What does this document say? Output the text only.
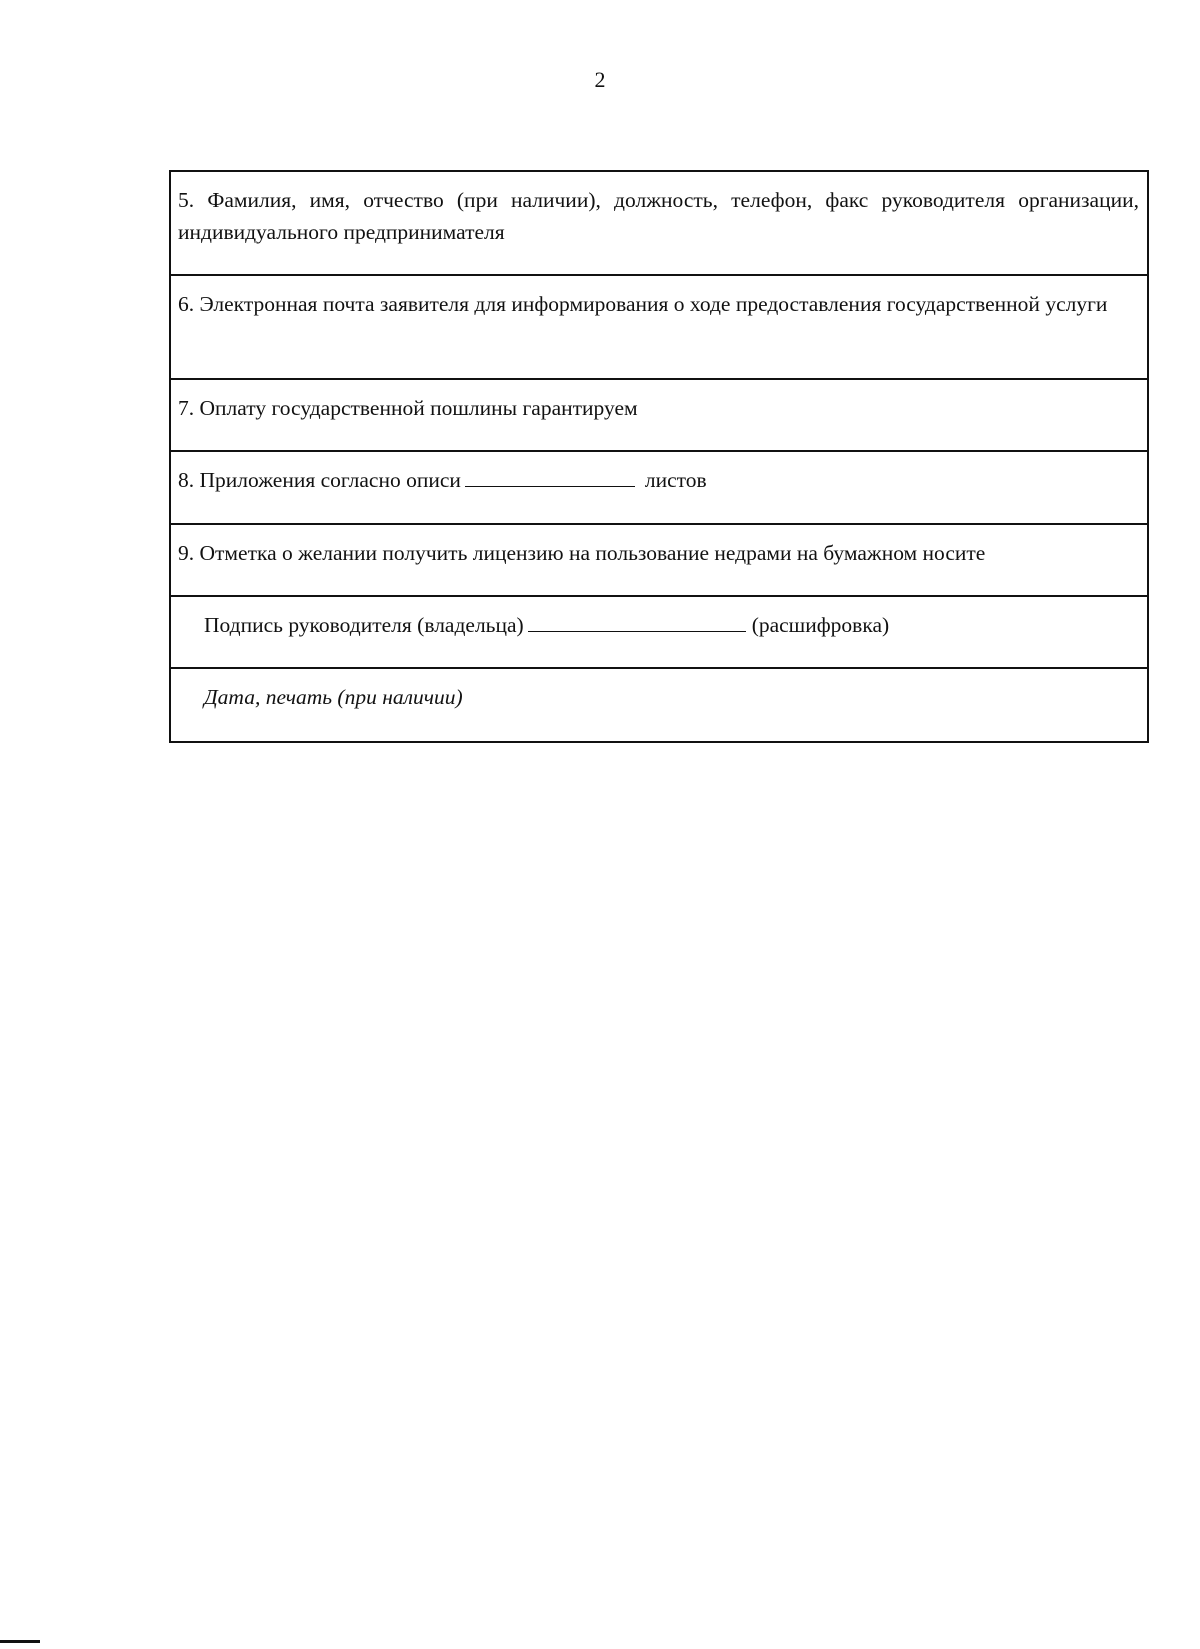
2
5. Фамилия, имя, отчество (при наличии), должность, телефон, факс руководителя организации, индивидуального предпринимателя
6. Электронная почта заявителя для информирования о ходе предоставления государственной услуги
7. Оплату государственной пошлины гарантируем
8. Приложения согласно описи	листов
9. Отметка о желании получить лицензию на пользование недрами на бумажном носите
Подпись руководителя (владельца)	(расшифровка)
Дата, печать (при наличии)
